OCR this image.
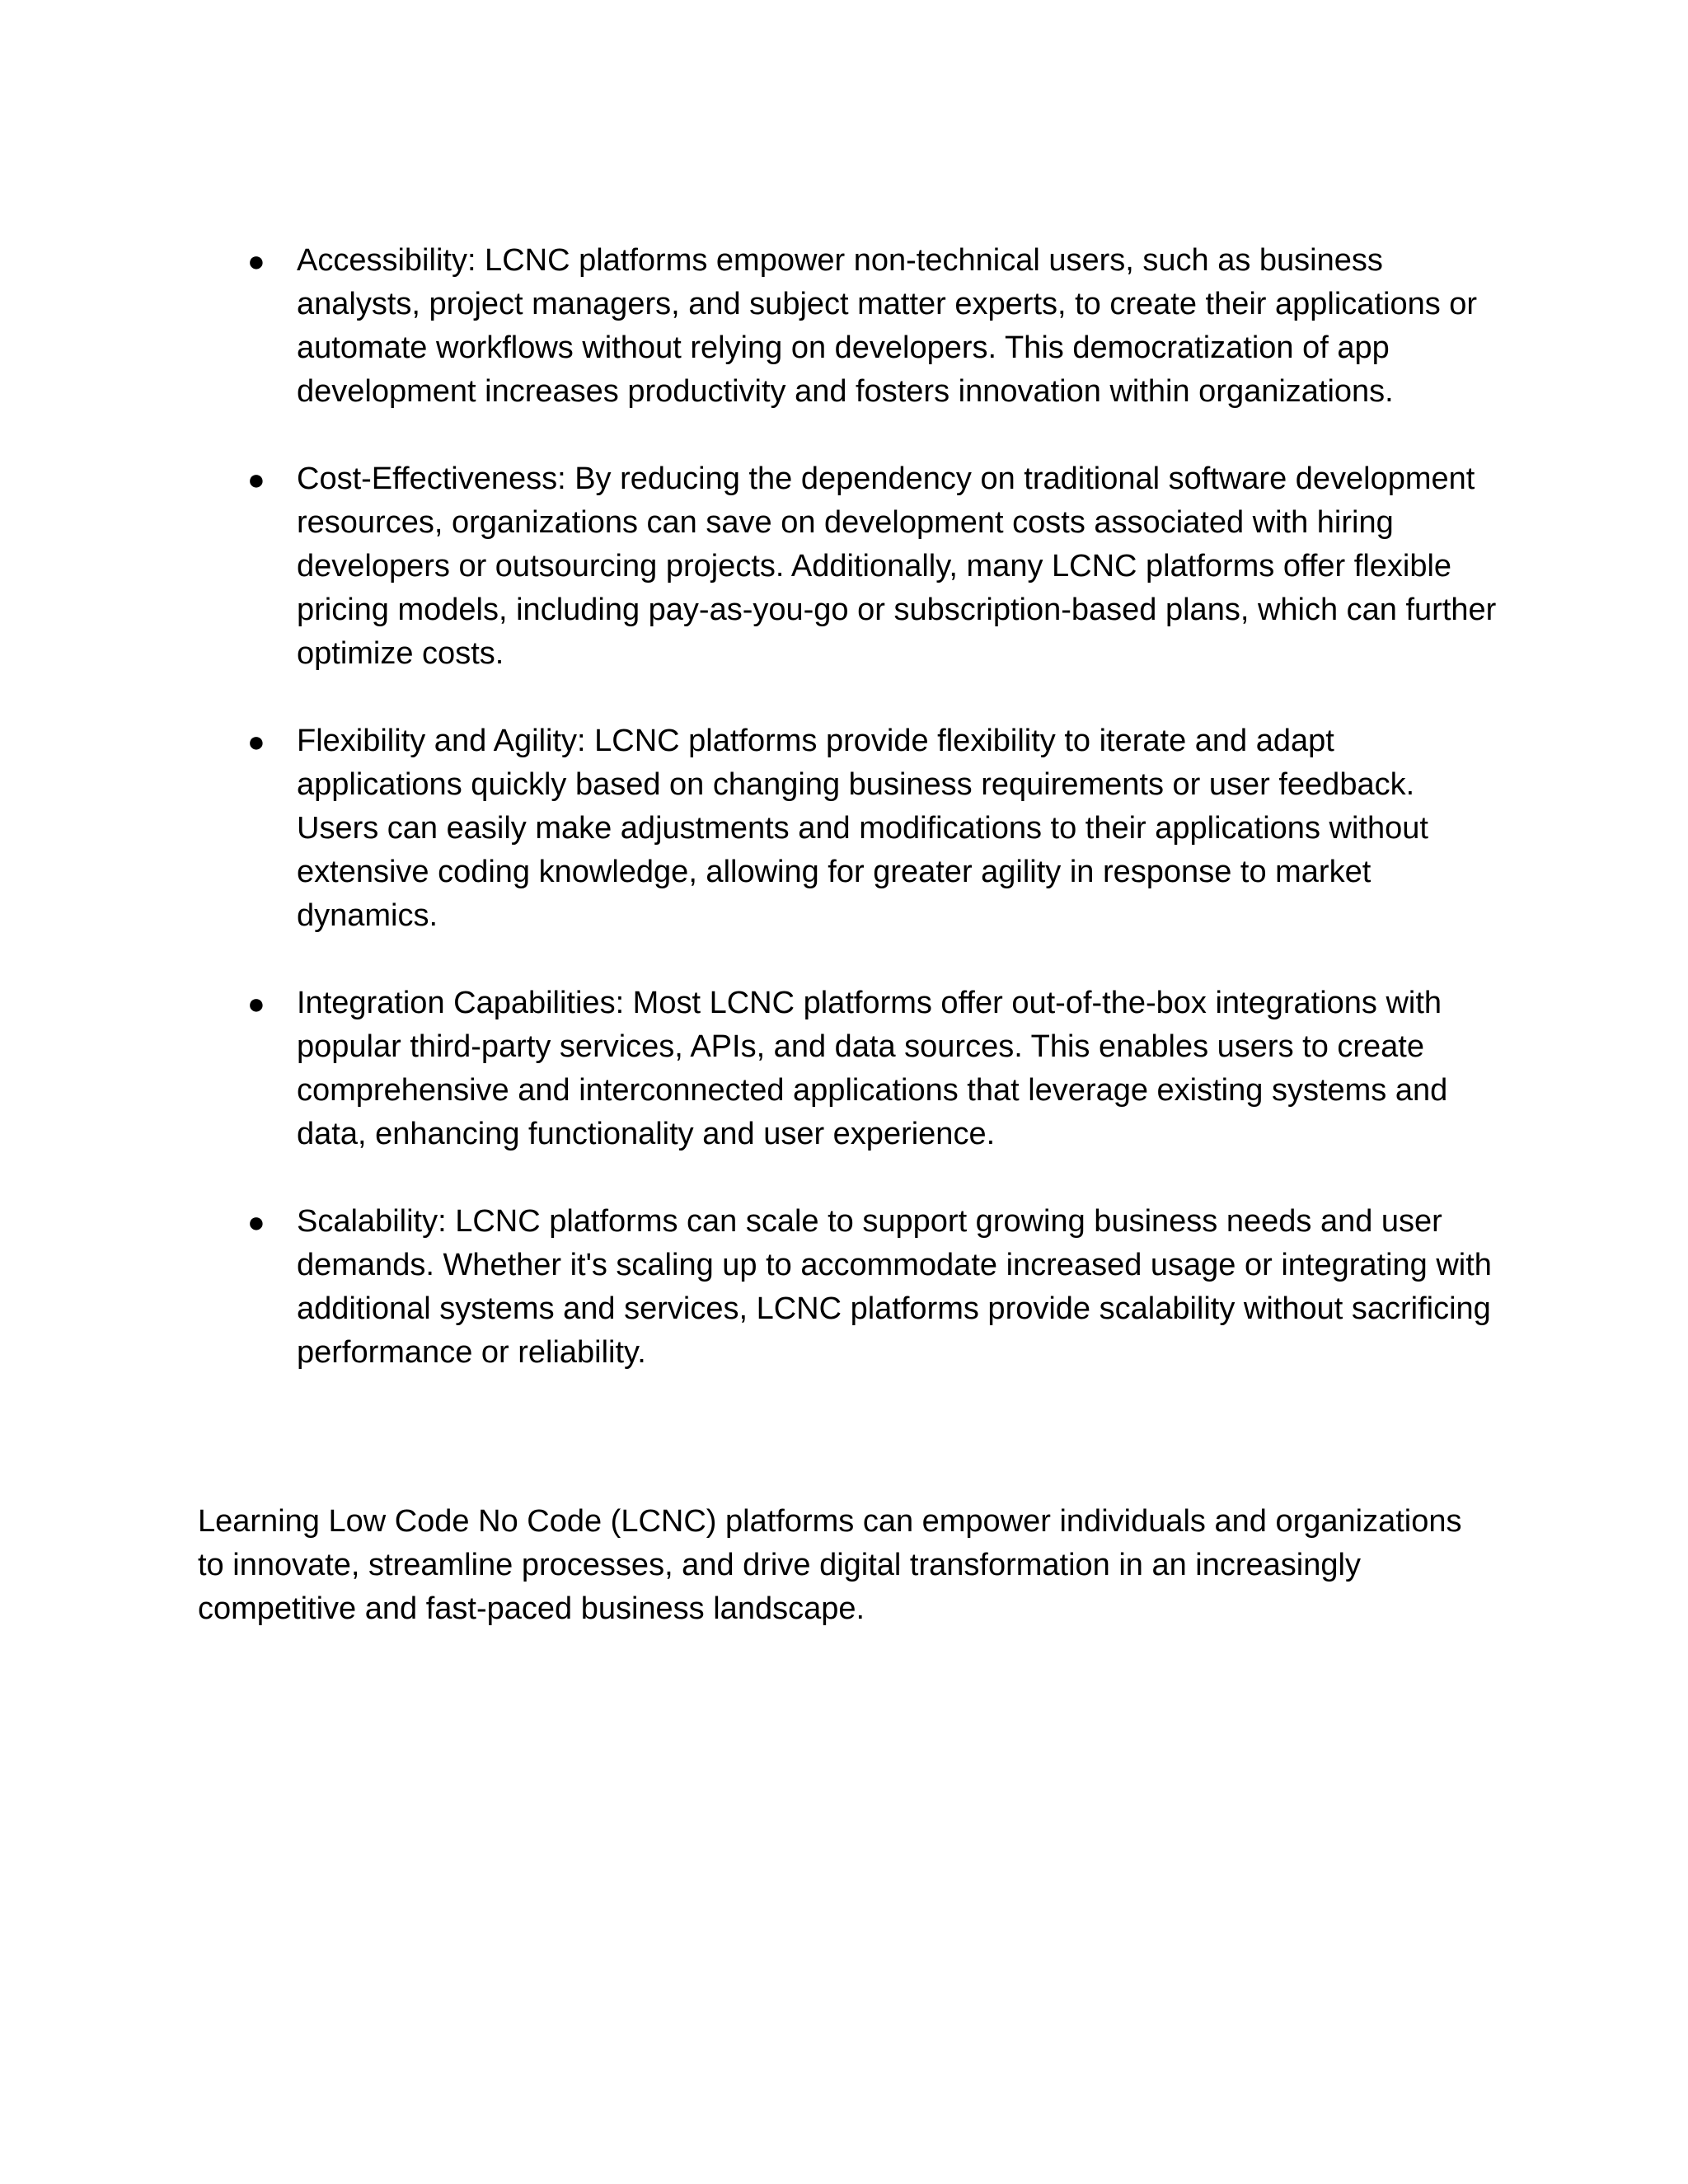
● Accessibility: LCNC platforms empower non-technical users, such as business analysts, project managers, and subject matter experts, to create their applications or automate workflows without relying on developers. This democratization of app development increases productivity and fosters innovation within organizations.

● Cost-Effectiveness: By reducing the dependency on traditional software development resources, organizations can save on development costs associated with hiring developers or outsourcing projects. Additionally, many LCNC platforms offer flexible pricing models, including pay-as-you-go or subscription-based plans, which can further optimize costs.

● Flexibility and Agility: LCNC platforms provide flexibility to iterate and adapt applications quickly based on changing business requirements or user feedback. Users can easily make adjustments and modifications to their applications without extensive coding knowledge, allowing for greater agility in response to market dynamics.

● Integration Capabilities: Most LCNC platforms offer out-of-the-box integrations with popular third-party services, APIs, and data sources. This enables users to create comprehensive and interconnected applications that leverage existing systems and data, enhancing functionality and user experience.

● Scalability: LCNC platforms can scale to support growing business needs and user demands. Whether it's scaling up to accommodate increased usage or integrating with additional systems and services, LCNC platforms provide scalability without sacrificing performance or reliability.

Learning Low Code No Code (LCNC) platforms can empower individuals and organizations to innovate, streamline processes, and drive digital transformation in an increasingly competitive and fast-paced business landscape.
